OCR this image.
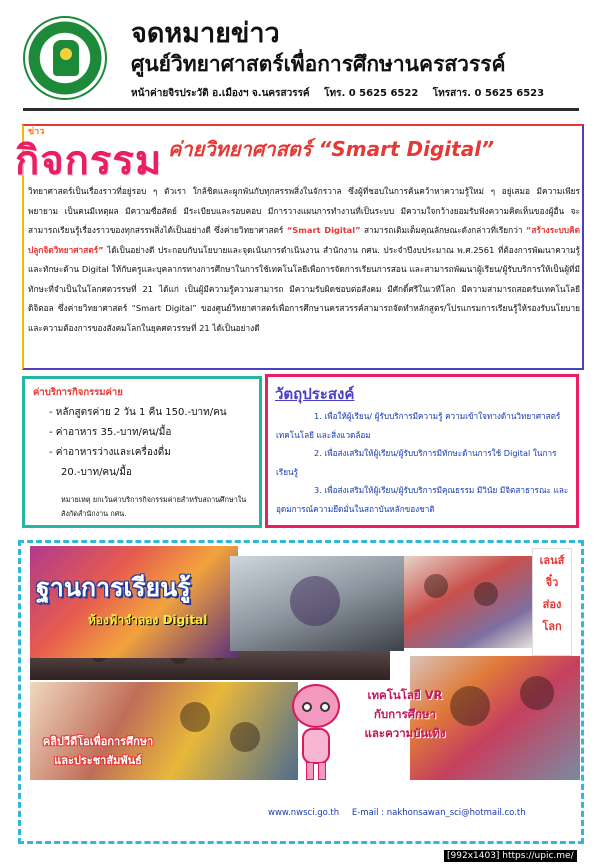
จดหมายข่าว
ศูนย์วิทยาศาสตร์เพื่อการศึกษานครสวรรค์
หน้าค่ายจิรประวัติ อ.เมืองฯ จ.นครสวรรค์ โทร. 0 5625 6522 โทรสาร. 0 5625 6523
ข่าว
กิจกรรม ค่ายวิทยาศาสตร์ “Smart Digital”
วิทยาศาสตร์เป็นเรื่องราวที่อยู่รอบ ๆ ตัวเรา ใกล้ชิดและผูกพันกับทุกสรรพสิ่งในจักรวาล ซึ่งผู้ที่ชอบในการค้นคว้าหาความรู้ใหม่ ๆ อยู่เสมอ มีความเพียรพยายาม เป็นคนมีเหตุผล มีความซื่อสัตย์ มีระเบียบและรอบคอบ มีการวางแผนการทำงานที่เป็นระบบ มีความใจกว้างยอมรับฟังความคิดเห็นของผู้อื่น จะสามารถเรียนรู้เรื่องราวของทุกสรรพสิ่งได้เป็นอย่างดี ซึ่งค่ายวิทยาศาสตร์ “Smart Digital” สามารถเติมเต็มคุณลักษณะดังกล่าวที่เรียกว่า “สร้างระบบคิด ปลูกจิตวิทยาศาสตร์” ได้เป็นอย่างดี ประกอบกับนโยบายและจุดเน้นการดำเนินงาน สำนักงาน กศน. ประจำปีงบประมาณ พ.ศ.2561 ที่ต้องการพัฒนาความรู้และทักษะด้าน Digital ให้กับครูและบุคลากรทางการศึกษาในการใช้เทคโนโลยีเพื่อการจัดการเรียนการสอน และสามารถพัฒนาผู้เรียน/ผู้รับบริการให้เป็นผู้ที่มีทักษะที่จำเป็นในโลกศตวรรษที่ 21 ได้แก่ เป็นผู้มีความรู้ความสามารถ มีความรับผิดชอบต่อสังคม มีศักดิ์ศรีในเวทีโลก มีความสามารถสอดรับเทคโนโลยีดิจิตอล ซึ่งค่ายวิทยาศาสตร์ “Smart Digital” ของศูนย์วิทยาศาสตร์เพื่อการศึกษานครสวรรค์สามารถจัดทำหลักสูตร/โปรแกรมการเรียนรู้ให้รองรับนโยบายและความต้องการของสังคมโลกในยุคศตวรรษที่ 21 ได้เป็นอย่างดี
ค่าบริการกิจกรรมค่าย
- หลักสูตรค่าย 2 วัน 1 คืน 150.-บาท/คน
- ค่าอาหาร 35.-บาท/คน/มื้อ
- ค่าอาหารว่างและเครื่องดื่ม
20.-บาท/คน/มื้อ
หมายเหตุ ยกเว้นค่าบริการกิจกรรมค่ายสำหรับสถานศึกษาในสังกัดสำนักงาน กศน.
วัตถุประสงค์
1. เพื่อให้ผู้เรียน/ ผู้รับบริการมีความรู้ ความเข้าใจทางด้านวิทยาศาสตร์ เทคโนโลยี และสิ่งแวดล้อม
2. เพื่อส่งเสริมให้ผู้เรียน/ผู้รับบริการมีทักษะด้านการใช้ Digital ในการเรียนรู้
3. เพื่อส่งเสริมให้ผู้เรียน/ผู้รับบริการมีคุณธรรม มีวินัย มีจิตสาธารณะ และอุดมการณ์ความยึดมั่นในสถาบันหลักของชาติ
ฐานการเรียนรู้
ห้องฟ้าจำลอง Digital
เลนส์
จิ๋ว
ส่อง
โลก
เทคโนโลยี VR
กับการศึกษา
และความบันเทิง
คลิปวีดีโอเพื่อการศึกษา
และประชาสัมพันธ์
www.nwsci.go.th E-mail : nakhonsawan_sci@hotmail.co.th
[992x1403] https://upic.me/
